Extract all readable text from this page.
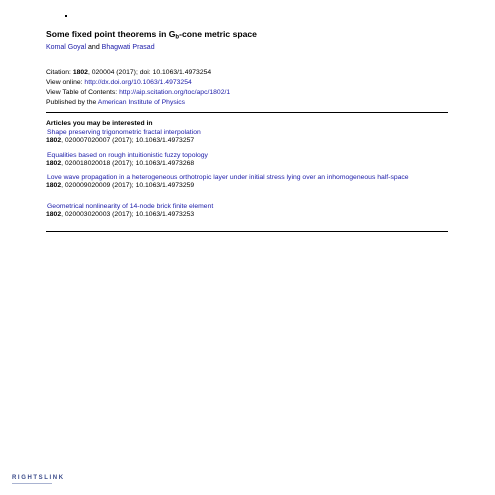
Some fixed point theorems in $G_b$-cone metric space
Komal Goyal and Bhagwati Prasad
Citation: 1802, 020004 (2017); doi: 10.1063/1.4973254
View online: http://dx.doi.org/10.1063/1.4973254
View Table of Contents: http://aip.scitation.org/toc/apc/1802/1
Published by the American Institute of Physics
Articles you may be interested in
Shape preserving trigonometric fractal interpolation
1802, 020007020007 (2017); 10.1063/1.4973257
Equalities based on rough intuitionistic fuzzy topology
1802, 020018020018 (2017); 10.1063/1.4973268
Love wave propagation in a heterogeneous orthotropic layer under initial stress lying over an inhomogeneous half-space
1802, 020009020009 (2017); 10.1063/1.4973259
Geometrical nonlinearity of 14-node brick finite element
1802, 020003020003 (2017); 10.1063/1.4973253
RIGHTSLINK
